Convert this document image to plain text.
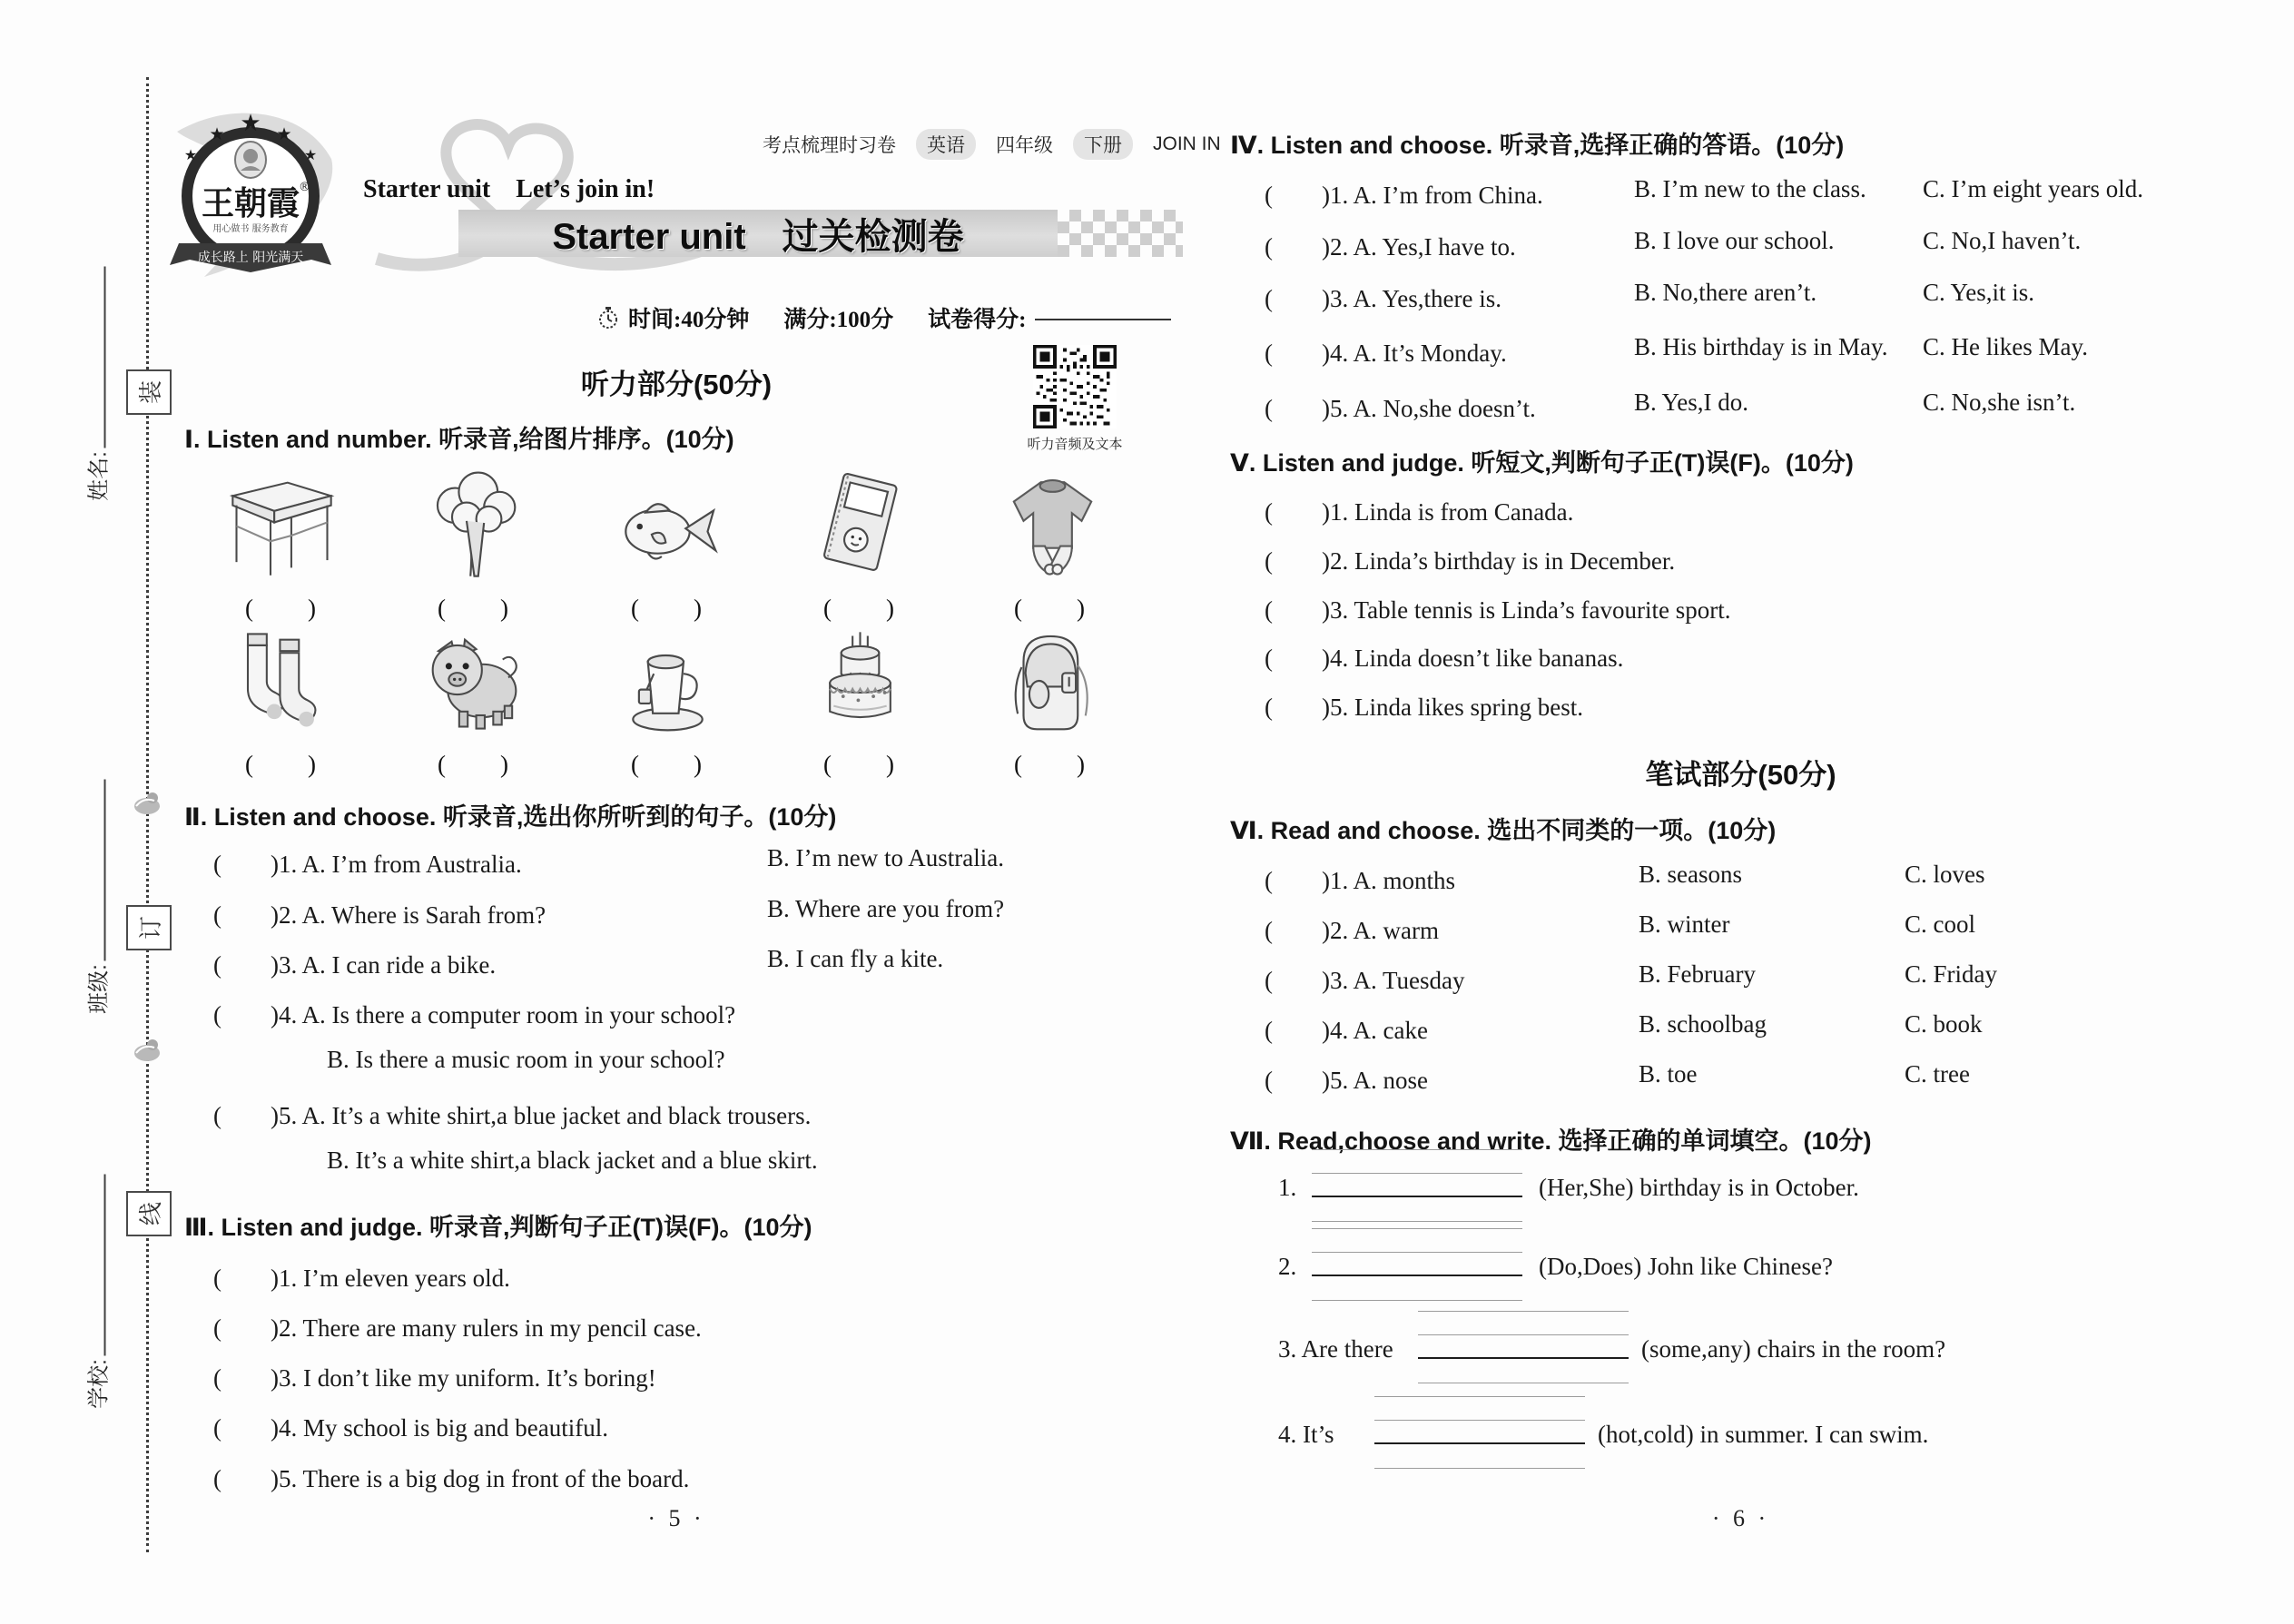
姓名:
班级:
学校:
装
订
线
★
★	★
★	★
王朝霞
®
用心做书 服务教育
成长路上 阳光满天
考点梳理时习卷	英语	四年级	下册	JOIN IN
Starter unit　Let’s join in!
Starter unit　过关检测卷
时间:40分钟 满分:100分 试卷得分:
听力部分(50分)
听力音频及文本
Ⅰ. Listen and number. 听录音,给图片排序。(10分)
(　　)	(　　)	(　　)	(　　)	(　　)
(　　)	(　　)	(　　)	(　　)	(　　)
Ⅱ. Listen and choose. 听录音,选出你所听到的句子。(10分)
(　　)1. A. I’m from Australia.	B. I’m new to Australia.
(　　)2. A. Where is Sarah from?	B. Where are you from?
(　　)3. A. I can ride a bike.	B. I can fly a kite.
(　　)4. A. Is there a computer room in your school?
B. Is there a music room in your school?
(　　)5. A. It’s a white shirt,a blue jacket and black trousers.
B. It’s a white shirt,a black jacket and a blue skirt.
Ⅲ. Listen and judge. 听录音,判断句子正(T)误(F)。(10分)
(　　)1. I’m eleven years old.
(　　)2. There are many rulers in my pencil case.
(　　)3. I don’t like my uniform. It’s boring!
(　　)4. My school is big and beautiful.
(　　)5. There is a big dog in front of the board.
· 5 ·
Ⅳ. Listen and choose. 听录音,选择正确的答语。(10分)
(　　)1. A. I’m from China.	B. I’m new to the class. C. I’m eight years old.
(　　)2. A. Yes,I have to.	B. I love our school.	C. No,I haven’t.
(　　)3. A. Yes,there is.	B. No,there aren’t.	C. Yes,it is.
(　　)4. A. It’s Monday.	B. His birthday is in May. C. He likes May.
(　　)5. A. No,she doesn’t.	B. Yes,I do.	C. No,she isn’t.
Ⅴ. Listen and judge. 听短文,判断句子正(T)误(F)。(10分)
(　　)1. Linda is from Canada.
(　　)2. Linda’s birthday is in December.
(　　)3. Table tennis is Linda’s favourite sport.
(　　)4. Linda doesn’t like bananas.
(　　)5. Linda likes spring best.
笔试部分(50分)
Ⅵ. Read and choose. 选出不同类的一项。(10分)
(　　)1. A. months	B. seasons	C. loves
(　　)2. A. warm	B. winter	C. cool
(　　)3. A. Tuesday	B. February	C. Friday
(　　)4. A. cake	B. schoolbag	C. book
(　　)5. A. nose	B. toe	C. tree
Ⅶ. Read,choose and write. 选择正确的单词填空。(10分)
1.	(Her,She) birthday is in October.
2.	(Do,Does) John like Chinese?
3. Are there	(some,any) chairs in the room?
4. It’s	(hot,cold) in summer. I can swim.
· 6 ·
